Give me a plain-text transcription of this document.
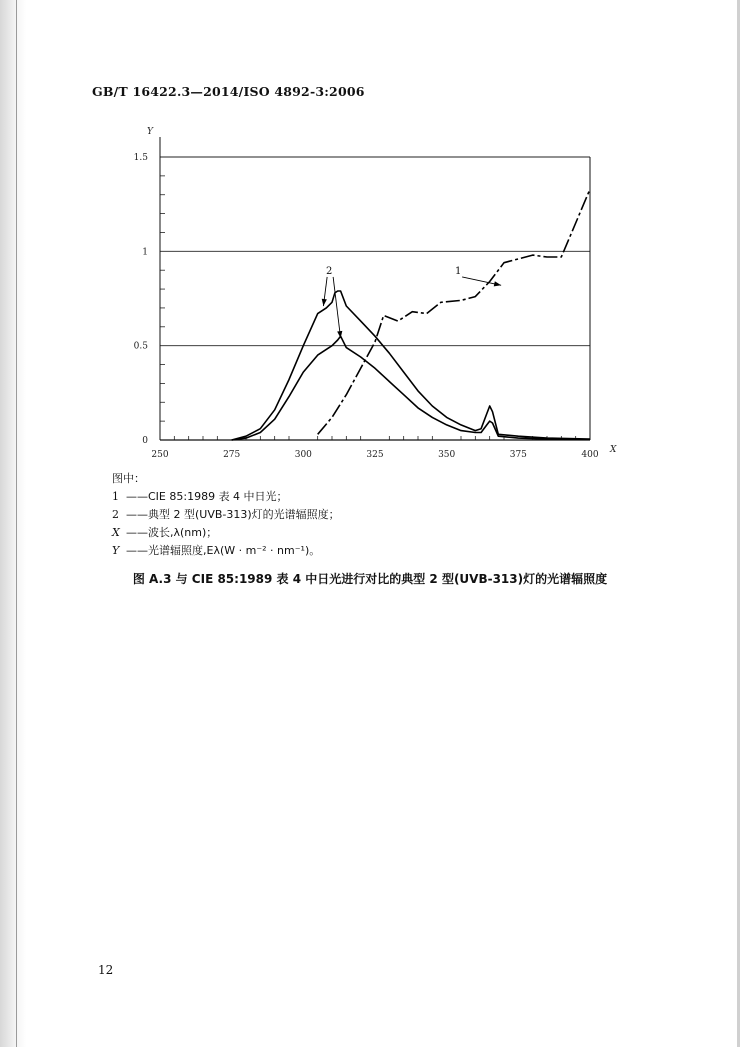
GB/T 16422.3—2014/ISO 4892-3:2006
0
0.5
1
1.5
250	275	300	325	350	375	400
Y
X
2	1
图中：
1 ——CIE 85:1989 表 4 中日光；
2 ——典型 2 型(UVB-313)灯的光谱辐照度；
X ——波长,λ(nm)；
Y ——光谱辐照度,Eλ(W · m⁻² · nm⁻¹)。
图 A.3 与 CIE 85:1989 表 4 中日光进行对比的典型 2 型(UVB-313)灯的光谱辐照度
12
